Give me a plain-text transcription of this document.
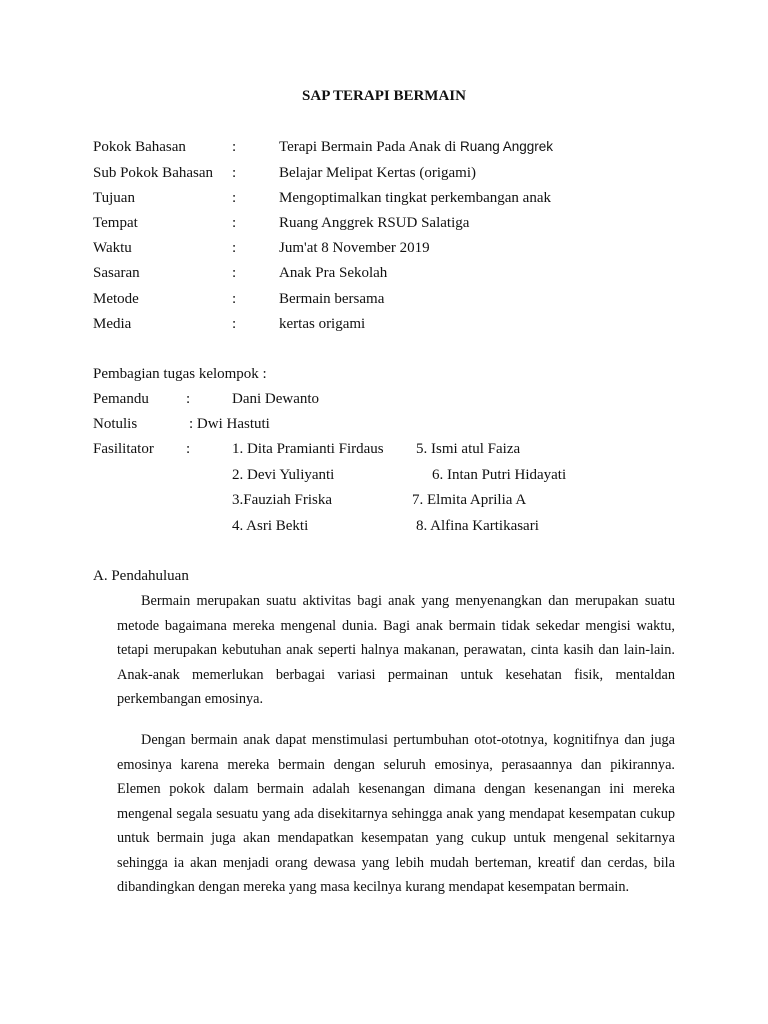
SAP TERAPI BERMAIN
Pokok Bahasan	:	Terapi Bermain Pada Anak di Ruang Anggrek
Sub Pokok Bahasan :	Belajar Melipat Kertas (origami)
Tujuan	:	Mengoptimalkan tingkat perkembangan anak
Tempat	:	Ruang Anggrek RSUD Salatiga
Waktu	:	Jum'at 8 November 2019
Sasaran	:	Anak Pra Sekolah
Metode	:	Bermain bersama
Media	:	kertas origami
Pembagian tugas kelompok :
Pemandu :	Dani Dewanto
Notulis	: Dwi Hastuti
Fasilitator :	1. Dita Pramianti Firdaus
2. Devi Yuliyanti
3.Fauziah Friska
4. Asri Bekti
5. Ismi atul Faiza
6. Intan Putri Hidayati
7. Elmita Aprilia A
8. Alfina Kartikasari
A. Pendahuluan
Bermain merupakan suatu aktivitas bagi anak yang menyenangkan dan merupakan suatu metode bagaimana mereka mengenal dunia. Bagi anak bermain tidak sekedar mengisi waktu, tetapi merupakan kebutuhan anak seperti halnya makanan, perawatan, cinta kasih dan lain-lain. Anak-anak memerlukan berbagai variasi permainan untuk kesehatan fisik, mentaldan perkembangan emosinya.
Dengan bermain anak dapat menstimulasi pertumbuhan otot-ototnya, kognitifnya dan juga emosinya karena mereka bermain dengan seluruh emosinya, perasaannya dan pikirannya. Elemen pokok dalam bermain adalah kesenangan dimana dengan kesenangan ini mereka mengenal segala sesuatu yang ada disekitarnya sehingga anak yang mendapat kesempatan cukup untuk bermain juga akan mendapatkan kesempatan yang cukup untuk mengenal sekitarnya sehingga ia akan menjadi orang dewasa yang lebih mudah berteman, kreatif dan cerdas, bila dibandingkan dengan mereka yang masa kecilnya kurang mendapat kesempatan bermain.
